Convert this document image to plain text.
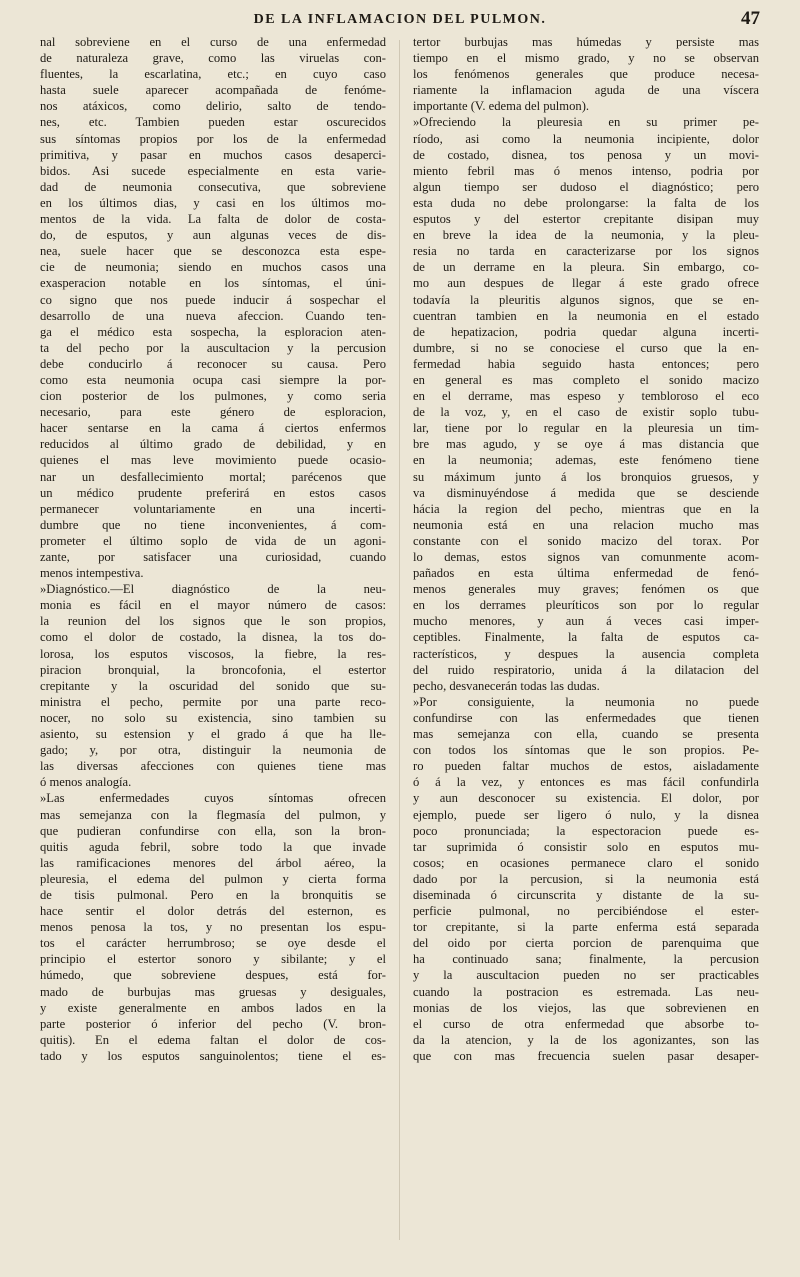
DE LA INFLAMACION DEL PULMON.	47
nal sobreviene en el curso de una enfermedad
de naturaleza grave, como las viruelas con-
fluentes, la escarlatina, etc.; en cuyo caso
hasta suele aparecer acompañada de fenóme-
nos atáxicos, como delirio, salto de tendo-
nes, etc. Tambien pueden estar oscurecidos
sus síntomas propios por los de la enfermedad
primitiva, y pasar en muchos casos desaperci-
bidos. Asi sucede especialmente en esta varie-
dad de neumonia consecutiva, que sobreviene
en los últimos dias, y casi en los últimos mo-
mentos de la vida. La falta de dolor de costa-
do, de esputos, y aun algunas veces de dis-
nea, suele hacer que se desconozca esta espe-
cie de neumonia; siendo en muchos casos una
exasperacion notable en los síntomas, el úni-
co signo que nos puede inducir á sospechar el
desarrollo de una nueva afeccion. Cuando ten-
ga el médico esta sospecha, la esploracion aten-
ta del pecho por la auscultacion y la percusion
debe conducirlo á reconocer su causa. Pero
como esta neumonia ocupa casi siempre la por-
cion posterior de los pulmones, y como seria
necesario, para este género de esploracion,
hacer sentarse en la cama á ciertos enfermos
reducidos al último grado de debilidad, y en
quienes el mas leve movimiento puede ocasio-
nar un desfallecimiento mortal; parécenos que
un médico prudente preferirá en estos casos
permanecer voluntariamente en una incerti-
dumbre que no tiene inconvenientes, á com-
prometer el último soplo de vida de un agoni-
zante, por satisfacer una curiosidad, cuando
menos intempestiva.
»Diagnóstico.—El diagnóstico de la neu-
monia es fácil en el mayor número de casos:
la reunion del los signos que le son propios,
como el dolor de costado, la disnea, la tos do-
lorosa, los esputos viscosos, la fiebre, la res-
piracion bronquial, la broncofonia, el estertor
crepitante y la oscuridad del sonido que su-
ministra el pecho, permite por una parte reco-
nocer, no solo su existencia, sino tambien su
asiento, su estension y el grado á que ha lle-
gado; y, por otra, distinguir la neumonia de
las diversas afecciones con quienes tiene mas
ó menos analogía.
»Las enfermedades cuyos síntomas ofrecen
mas semejanza con la flegmasía del pulmon, y
que pudieran confundirse con ella, son la bron-
quitis aguda febril, sobre todo la que invade
las ramificaciones menores del árbol aéreo, la
pleuresia, el edema del pulmon y cierta forma
de tisis pulmonal. Pero en la bronquitis se
hace sentir el dolor detrás del esternon, es
menos penosa la tos, y no presentan los espu-
tos el carácter herrumbroso; se oye desde el
principio el estertor sonoro y sibilante; y el
húmedo, que sobreviene despues, está for-
mado de burbujas mas gruesas y desiguales,
y existe generalmente en ambos lados en la
parte posterior ó inferior del pecho (V. bron-
quitis). En el edema faltan el dolor de cos-
tado y los esputos sanguinolentos; tiene el es-
tertor burbujas mas húmedas y persiste mas
tiempo en el mismo grado, y no se observan
los fenómenos generales que produce necesa-
riamente la inflamacion aguda de una víscera
importante (V. edema del pulmon).
»Ofreciendo la pleuresia en su primer pe-
ríodo, asi como la neumonia incipiente, dolor
de costado, disnea, tos penosa y un movi-
miento febril mas ó menos intenso, podria por
algun tiempo ser dudoso el diagnóstico; pero
esta duda no debe prolongarse: la falta de los
esputos y del estertor crepitante disipan muy
en breve la idea de la neumonia, y la pleu-
resia no tarda en caracterizarse por los signos
de un derrame en la pleura. Sin embargo, co-
mo aun despues de llegar á este grado ofrece
todavía la pleuritis algunos signos, que se en-
cuentran tambien en la neumonia en el estado
de hepatizacion, podria quedar alguna incerti-
dumbre, si no se conociese el curso que la en-
fermedad habia seguido hasta entonces; pero
en general es mas completo el sonido macizo
en el derrame, mas espeso y tembloroso el eco
de la voz, y, en el caso de existir soplo tubu-
lar, tiene por lo regular en la pleuresia un tim-
bre mas agudo, y se oye á mas distancia que
en la neumonia; ademas, este fenómeno tiene
su máximum junto á los bronquios gruesos, y
va disminuyéndose á medida que se desciende
hácia la region del pecho, mientras que en la
neumonia está en una relacion mucho mas
constante con el sonido macizo del torax. Por
lo demas, estos signos van comunmente acom-
pañados en esta última enfermedad de fenó-
menos generales muy graves; fenómen os que
en los derrames pleuríticos son por lo regular
mucho menores, y aun á veces casi imper-
ceptibles. Finalmente, la falta de esputos ca-
racterísticos, y despues la ausencia completa
del ruido respiratorio, unida á la dilatacion del
pecho, desvanecerán todas las dudas.
»Por consiguiente, la neumonia no puede
confundirse con las enfermedades que tienen
mas semejanza con ella, cuando se presenta
con todos los síntomas que le son propios. Pe-
ro pueden faltar muchos de estos, aisladamente
ó á la vez, y entonces es mas fácil confundirla
y aun desconocer su existencia. El dolor, por
ejemplo, puede ser ligero ó nulo, y la disnea
poco pronunciada; la espectoracion puede es-
tar suprimida ó consistir solo en esputos mu-
cosos; en ocasiones permanece claro el sonido
dado por la percusion, si la neumonia está
diseminada ó circunscrita y distante de la su-
perficie pulmonal, no percibiéndose el ester-
tor crepitante, si la parte enferma está separada
del oido por cierta porcion de parenquima que
ha continuado sana; finalmente, la percusion
y la auscultacion pueden no ser practicables
cuando la postracion es estremada. Las neu-
monias de los viejos, las que sobrevienen en
el curso de otra enfermedad que absorbe to-
da la atencion, y la de los agonizantes, son las
que con mas frecuencia suelen pasar desaper-
